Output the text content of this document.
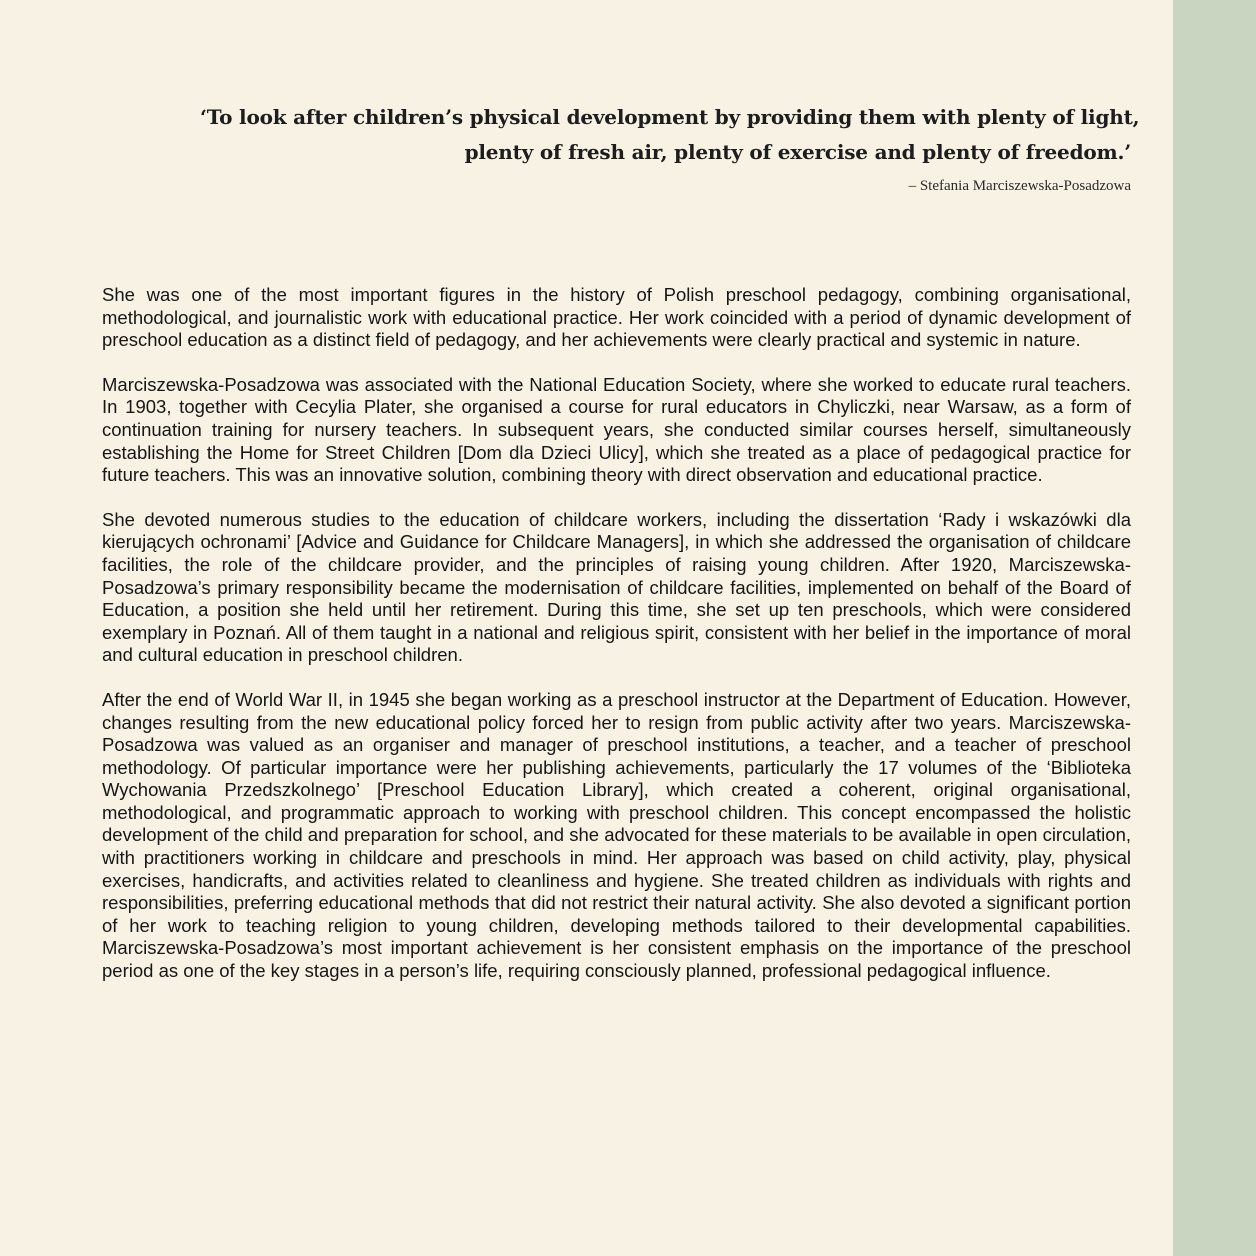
‘To look after children’s physical development by providing them with plenty of light,
plenty of fresh air, plenty of exercise and plenty of freedom.’
– Stefania Marciszewska-Posadzowa

She was one of the most important figures in the history of Polish preschool pedagogy, combining organisational, methodological, and journalistic work with educational practice. Her work coincided with a period of dynamic development of preschool education as a distinct field of pedagogy, and her achievements were clearly practical and systemic in nature.

Marciszewska-Posadzowa was associated with the National Education Society, where she worked to educate rural teachers. In 1903, together with Cecylia Plater, she organised a course for rural educators in Chyliczki, near Warsaw, as a form of continuation training for nursery teachers. In subsequent years, she conducted similar courses herself, simultaneously establishing the Home for Street Children [Dom dla Dzieci Ulicy], which she treated as a place of pedagogical practice for future teachers. This was an innovative solution, combining theory with direct observation and educational practice.

She devoted numerous studies to the education of childcare workers, including the dissertation ‘Rady i wskazówki dla kierujących ochronami’ [Advice and Guidance for Childcare Managers], in which she addressed the organisation of childcare facilities, the role of the childcare provider, and the principles of raising young children. After 1920, Marciszewska-Posadzowa’s primary responsibility became the modernisation of childcare facilities, implemented on behalf of the Board of Education, a position she held until her retirement. During this time, she set up ten preschools, which were considered exemplary in Poznań. All of them taught in a national and religious spirit, consistent with her belief in the importance of moral and cultural education in preschool children.

After the end of World War II, in 1945 she began working as a preschool instructor at the Department of Education. However, changes resulting from the new educational policy forced her to resign from public activity after two years. Marciszewska-Posadzowa was valued as an organiser and manager of preschool institutions, a teacher, and a teacher of preschool methodology. Of particular importance were her publishing achievements, particularly the 17 volumes of the ‘Biblioteka Wychowania Przedszkolnego’ [Preschool Education Library], which created a coherent, original organisational, methodological, and programmatic approach to working with preschool children. This concept encompassed the holistic development of the child and preparation for school, and she advocated for these materials to be available in open circulation, with practitioners working in childcare and preschools in mind. Her approach was based on child activity, play, physical exercises, handicrafts, and activities related to cleanliness and hygiene. She treated children as individuals with rights and responsibilities, preferring educational methods that did not restrict their natural activity. She also devoted a significant portion of her work to teaching religion to young children, developing methods tailored to their developmental capabilities. Marciszewska-Posadzowa’s most important achievement is her consistent emphasis on the importance of the preschool period as one of the key stages in a person’s life, requiring consciously planned, professional pedagogical influence.
